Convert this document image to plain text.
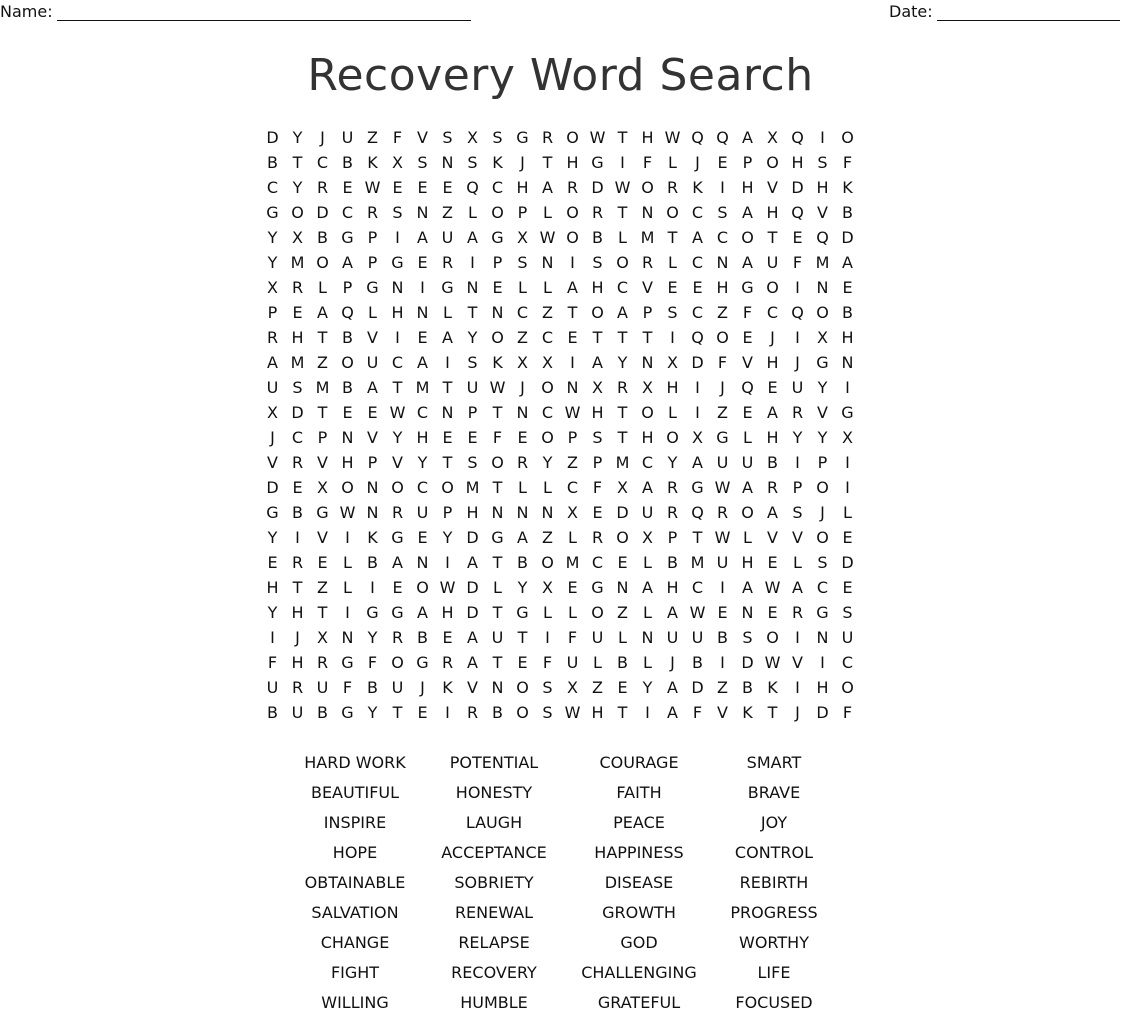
Name:	Date:
Recovery Word Search
D Y	J	U Z F V S X S G R O W T H W Q Q A X Q	I	O
B T C B K X S N S K	J	T H G	I	F L	J	E P O H S F
C Y R E W E E E Q C H A R D W O R K	I	H V D H K
G O D C R S N Z L O P L O R T N O C S A H Q V B
Y X B G P	I	A U A G X W O B L M T A C O T E Q D
Y M O A P G E R	I	P S N	I	S O R L C N A U F M A
X R L P G N	I	G N E L	L A H C V E E H G O	I	N E
P E A Q L H N L T N C Z T O A P S C Z F C Q O B
R H T B V	I	E A Y O Z C E T T T	I	Q O E	J	I	X H
A M Z O U C A	I	S K X X	I	A Y N X D F V H	J	G N
U S M B A T M T U W J	O N X R X H	I	J	Q E U Y	I
X D T E E W C N P T N C W H T O L	I	Z E A R V G
J	C P N V Y H E E F E O P S T H O X G L H Y Y X
V R V H P V Y T S O R Y Z P M C Y A U U B	I	P	I
D E X O N O C O M T L	L C F X A R G W A R P O	I
G B G W N R U P H N N N X E D U R Q R O A S	J	L
Y	I	V	I	K G E Y D G A Z L R O X P T W L V V O E
E R E L B A N	I	A T B O M C E L B M U H E L S D
H T Z L	I	E O W D L Y X E G N A H C	I	A W A C E
Y H T	I	G G A H D T G L	L O Z L A W E N E R G S
I	J	X N Y R B E A U T	I	F U L N U U B S O	I	N U
F H R G F O G R A T E F U L B L	J	B	I	D W V	I	C
U R U F B U	J	K V N O S X Z E Y A D Z B K	I	H O
B U B G Y T E	I	R B O S W H T	I	A F V K T	J	D F
HARD WORK	POTENTIAL	COURAGE	SMART
BEAUTIFUL	HONESTY	FAITH	BRAVE
INSPIRE	LAUGH	PEACE	JOY
HOPE	ACCEPTANCE	HAPPINESS	CONTROL
OBTAINABLE	SOBRIETY	DISEASE	REBIRTH
SALVATION	RENEWAL	GROWTH	PROGRESS
CHANGE	RELAPSE	GOD	WORTHY
FIGHT	RECOVERY	CHALLENGING	LIFE
WILLING	HUMBLE	GRATEFUL	FOCUSED
